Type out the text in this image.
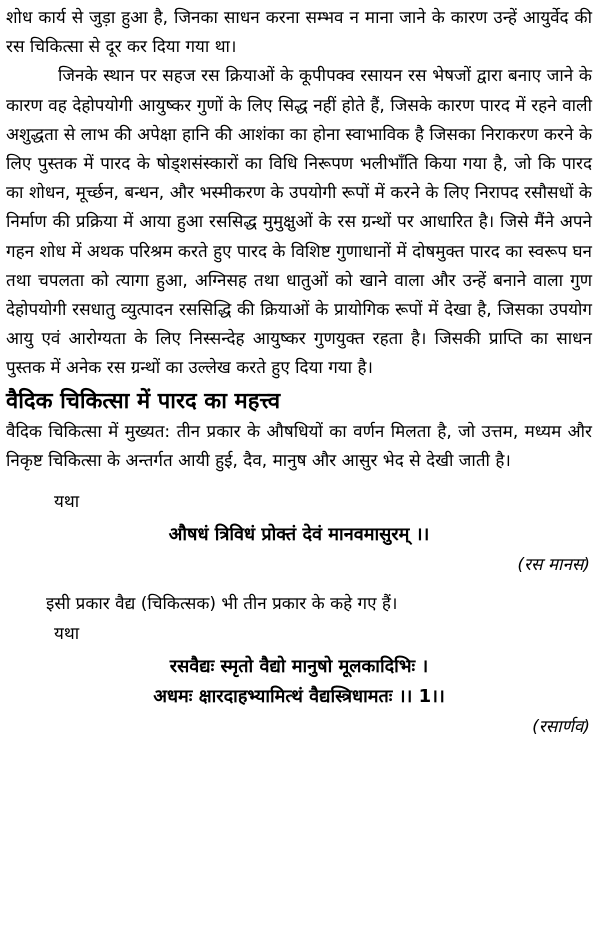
शोध कार्य से जुड़ा हुआ है, जिनका साधन करना सम्भव न माना जाने के कारण उन्हें आयुर्वेद की रस चिकित्सा से दूर कर दिया गया था।

जिनके स्थान पर सहज रस क्रियाओं के कूपीपक्व रसायन रस भेषजों द्वारा बनाए जाने के कारण वह देहोपयोगी आयुष्कर गुणों के लिए सिद्ध नहीं होते हैं, जिसके कारण पारद में रहने वाली अशुद्धता से लाभ की अपेक्षा हानि की आशंका का होना स्वाभाविक है जिसका निराकरण करने के लिए पुस्तक में पारद के षोड्शसंस्कारों का विधि निरूपण भलीभाँति किया गया है, जो कि पारद का शोधन, मूर्च्छन, बन्धन, और भस्मीकरण के उपयोगी रूपों में करने के लिए निरापद रसौसधों के निर्माण की प्रक्रिया में आया हुआ रससिद्ध मुमुक्षुओं के रस ग्रन्थों पर आधारित है। जिसे मैंने अपने गहन शोध में अथक परिश्रम करते हुए पारद के विशिष्ट गुणाधानों में दोषमुक्त पारद का स्वरूप घन तथा चपलता को त्यागा हुआ, अग्निसह तथा धातुओं को खाने वाला और उन्हें बनाने वाला गुण देहोपयोगी रसधातु व्युत्पादन रससिद्धि की क्रियाओं के प्रायोगिक रूपों में देखा है, जिसका उपयोग आयु एवं आरोग्यता के लिए निस्सन्देह आयुष्कर गुणयुक्त रहता है। जिसकी प्राप्ति का साधन पुस्तक में अनेक रस ग्रन्थों का उल्लेख करते हुए दिया गया है।

वैदिक चिकित्सा में पारद का महत्त्व

वैदिक चिकित्सा में मुख्यत: तीन प्रकार के औषधियों का वर्णन मिलता है, जो उत्तम, मध्यम और निकृष्ट चिकित्सा के अन्तर्गत आयी हुई, दैव, मानुष और आसुर भेद से देखी जाती है।

यथा
औषधं त्रिविधं प्रोक्तं देवं मानवमासुरम् ।।
(रस मानस)
इसी प्रकार वैद्य (चिकित्सक) भी तीन प्रकार के कहे गए हैं।
यथा
रसवैद्यः स्मृतो वैद्यो मानुषो मूलकादिभिः ।
अधमः क्षारदाहभ्यामित्थं वैद्यस्त्रिधामतः ।। 1।।
(रसार्णव)
